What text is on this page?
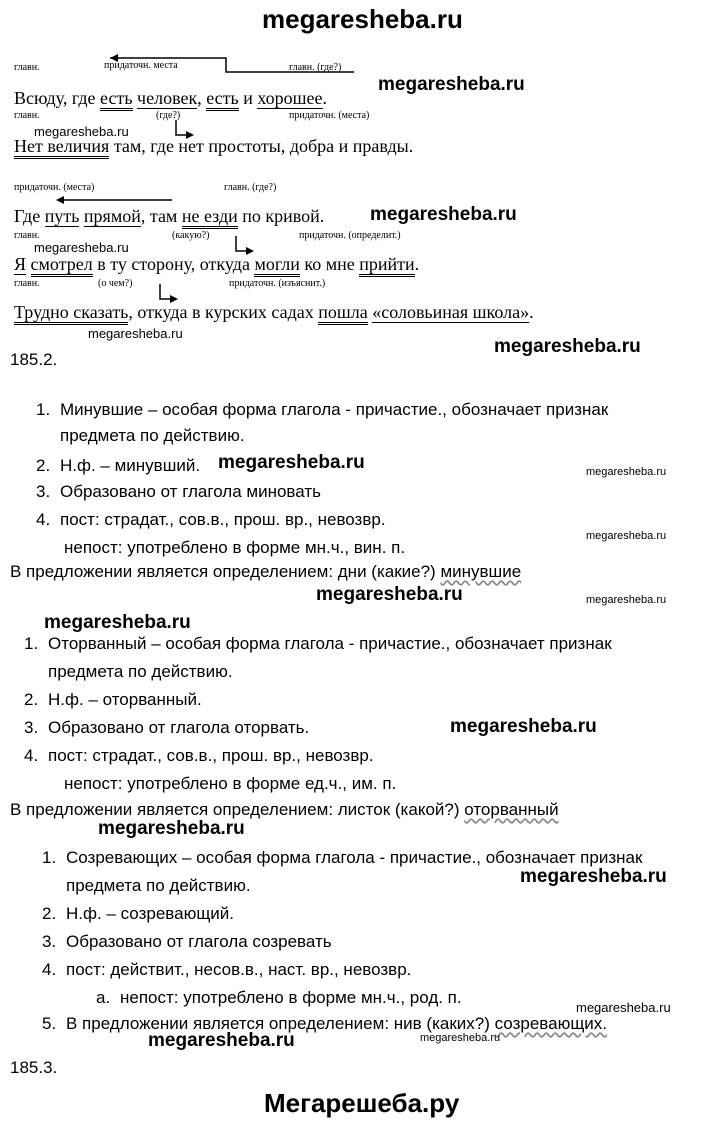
megaresheba.ru
главн.	придаточн. места	главн. (где?)
megaresheba.ru
Всюду, где есть человек, есть и хорошее.
главн.	(где?)	придаточн. (места)
megaresheba.ru
Нет величия там, где нет простоты, добра и правды.
придаточн. (места)	главн. (где?)
Где путь прямой, там не езди по кривой. megaresheba.ru
главн.	(какую?)	придаточн. (определит.)
megaresheba.ru
Я смотрел в ту сторону, откуда могли ко мне прийти.
главн.	(о чем?)	придаточн. (изъяснит.)
Трудно сказать, откуда в курских садах пошла «соловьиная школа».
megaresheba.ru
megaresheba.ru
185.2.
1. Минувшие – особая форма глагола - причастие., обозначает признак
предмета по действию.
2. Н.ф. – минувший. megaresheba.ru	megaresheba.ru
3. Образовано от глагола миновать
4. пост: страдат., сов.в., прош. вр., невозвр.
megaresheba.ru
непост: употреблено в форме мн.ч., вин. п.
В предложении является определением: дни (какие?) минувшие
megaresheba.ru	megaresheba.ru
megaresheba.ru
1. Оторванный – особая форма глагола - причастие., обозначает признак
предмета по действию.
2. Н.ф. – оторванный.
3. Образовано от глагола оторвать.	megaresheba.ru
4. пост: страдат., сов.в., прош. вр., невозвр.
непост: употреблено в форме ед.ч., им. п.
В предложении является определением: листок (какой?) оторванный
megaresheba.ru
1. Созревающих – особая форма глагола - причастие., обозначает признак
предмета по действию.	megaresheba.ru
2. Н.ф. – созревающий.
3. Образовано от глагола созревать
4. пост: действит., несов.в., наст. вр., невозвр.
a. непост: употреблено в форме мн.ч., род. п.
megaresheba.ru
5. В предложении является определением: нив (каких?) созревающих.
megaresheba.ru	megaresheba.ru
185.3.
Мегарешеба.ру
